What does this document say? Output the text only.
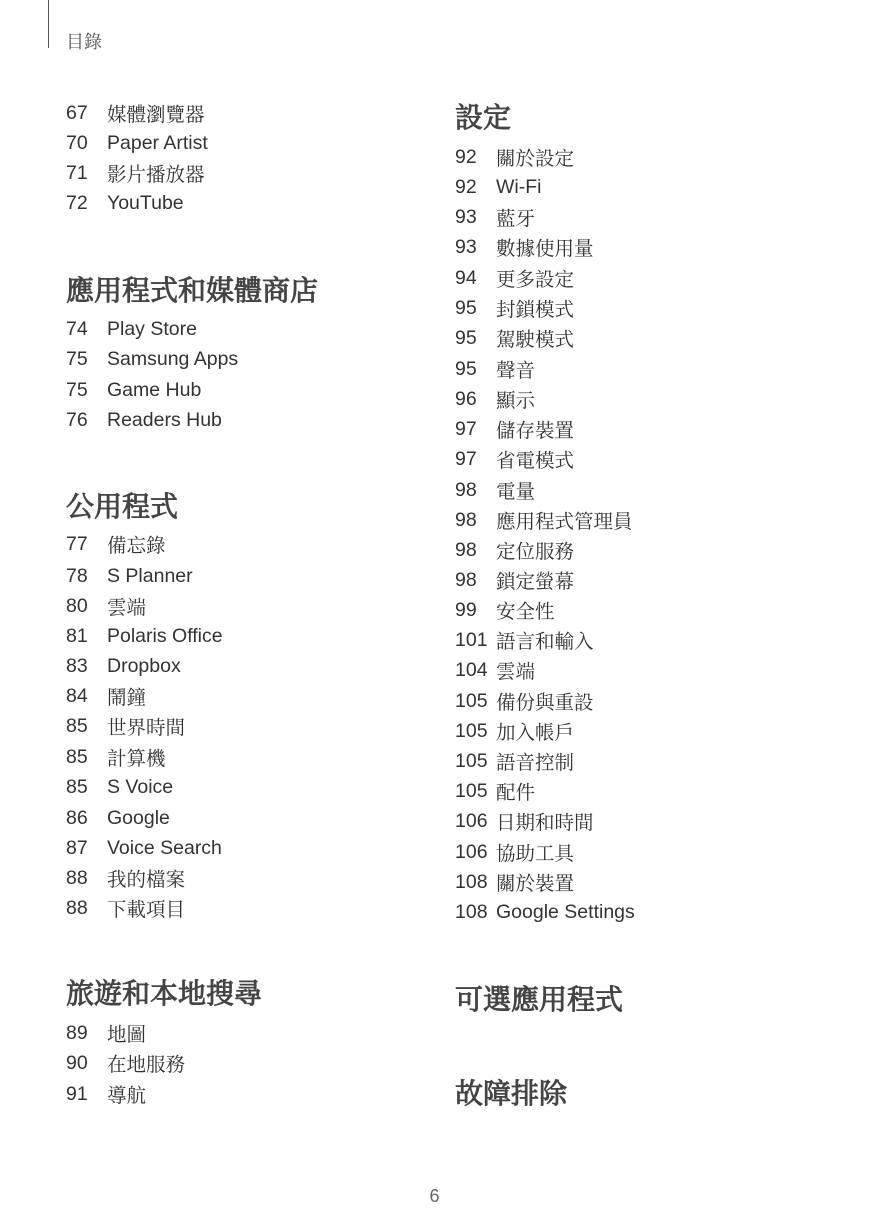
目錄
67 媒體瀏覽器
70 Paper Artist
71 影片播放器
72 YouTube
應用程式和媒體商店
74 Play Store
75 Samsung Apps
75 Game Hub
76 Readers Hub
公用程式
77 備忘錄
78 S Planner
80 雲端
81 Polaris Office
83 Dropbox
84 鬧鐘
85 世界時間
85 計算機
85 S Voice
86 Google
87 Voice Search
88 我的檔案
88 下載項目
旅遊和本地搜尋
89 地圖
90 在地服務
91 導航
設定
92 關於設定
92 Wi-Fi
93 藍牙
93 數據使用量
94 更多設定
95 封鎖模式
95 駕駛模式
95 聲音
96 顯示
97 儲存裝置
97 省電模式
98 電量
98 應用程式管理員
98 定位服務
98 鎖定螢幕
99 安全性
101 語言和輸入
104 雲端
105 備份與重設
105 加入帳戶
105 語音控制
105 配件
106 日期和時間
106 協助工具
108 關於裝置
108 Google Settings
可選應用程式
故障排除
6
